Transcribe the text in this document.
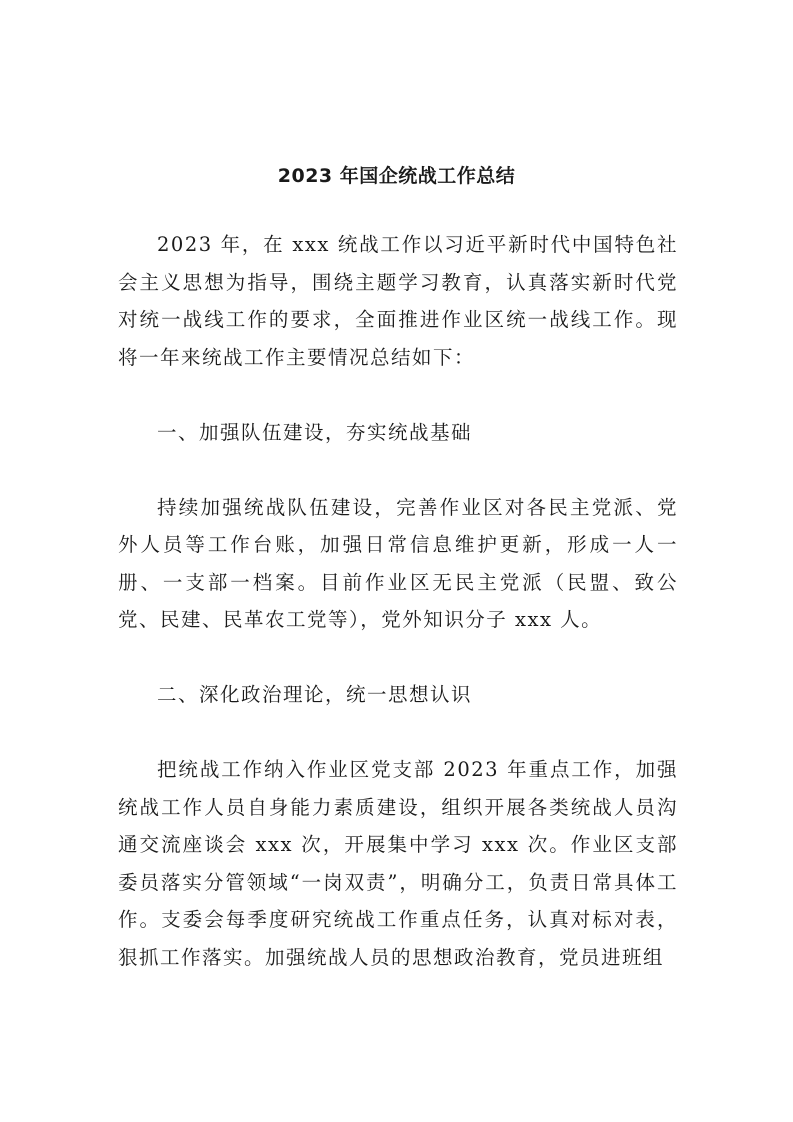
2023 年国企统战工作总结

2023 年，在 xxx 统战工作以习近平新时代中国特色社会主义思想为指导，围绕主题学习教育，认真落实新时代党对统一战线工作的要求，全面推进作业区统一战线工作。现将一年来统战工作主要情况总结如下：

一、加强队伍建设，夯实统战基础

持续加强统战队伍建设，完善作业区对各民主党派、党外人员等工作台账，加强日常信息维护更新，形成一人一册、一支部一档案。目前作业区无民主党派（民盟、致公党、民建、民革农工党等），党外知识分子 xxx 人。

二、深化政治理论，统一思想认识

把统战工作纳入作业区党支部 2023 年重点工作，加强统战工作人员自身能力素质建设，组织开展各类统战人员沟通交流座谈会 xxx 次，开展集中学习 xxx 次。作业区支部委员落实分管领域“一岗双责”，明确分工，负责日常具体工作。支委会每季度研究统战工作重点任务，认真对标对表，狠抓工作落实。加强统战人员的思想政治教育，党员进班组
